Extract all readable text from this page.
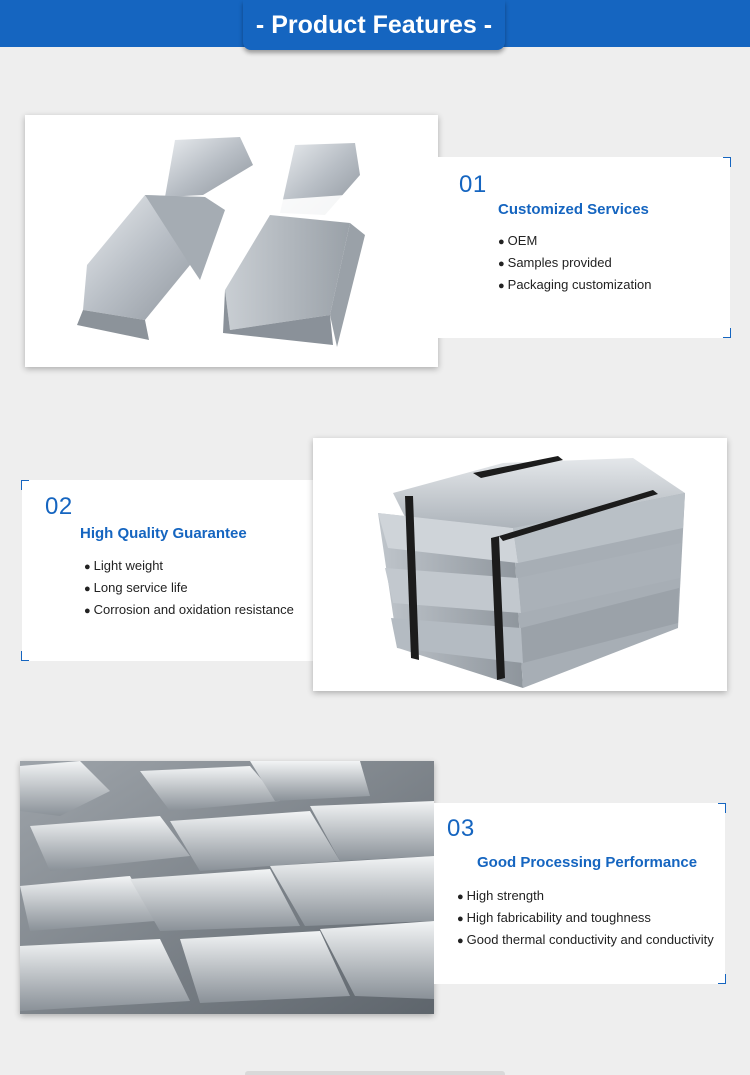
- Product Features -
01
Customized Services
● OEM
● Samples provided
● Packaging customization
02
High Quality Guarantee
● Light weight
● Long service life
● Corrosion and oxidation resistance
03
Good Processing Performance
● High strength
● High fabricability and toughness
● Good thermal conductivity and conductivity
